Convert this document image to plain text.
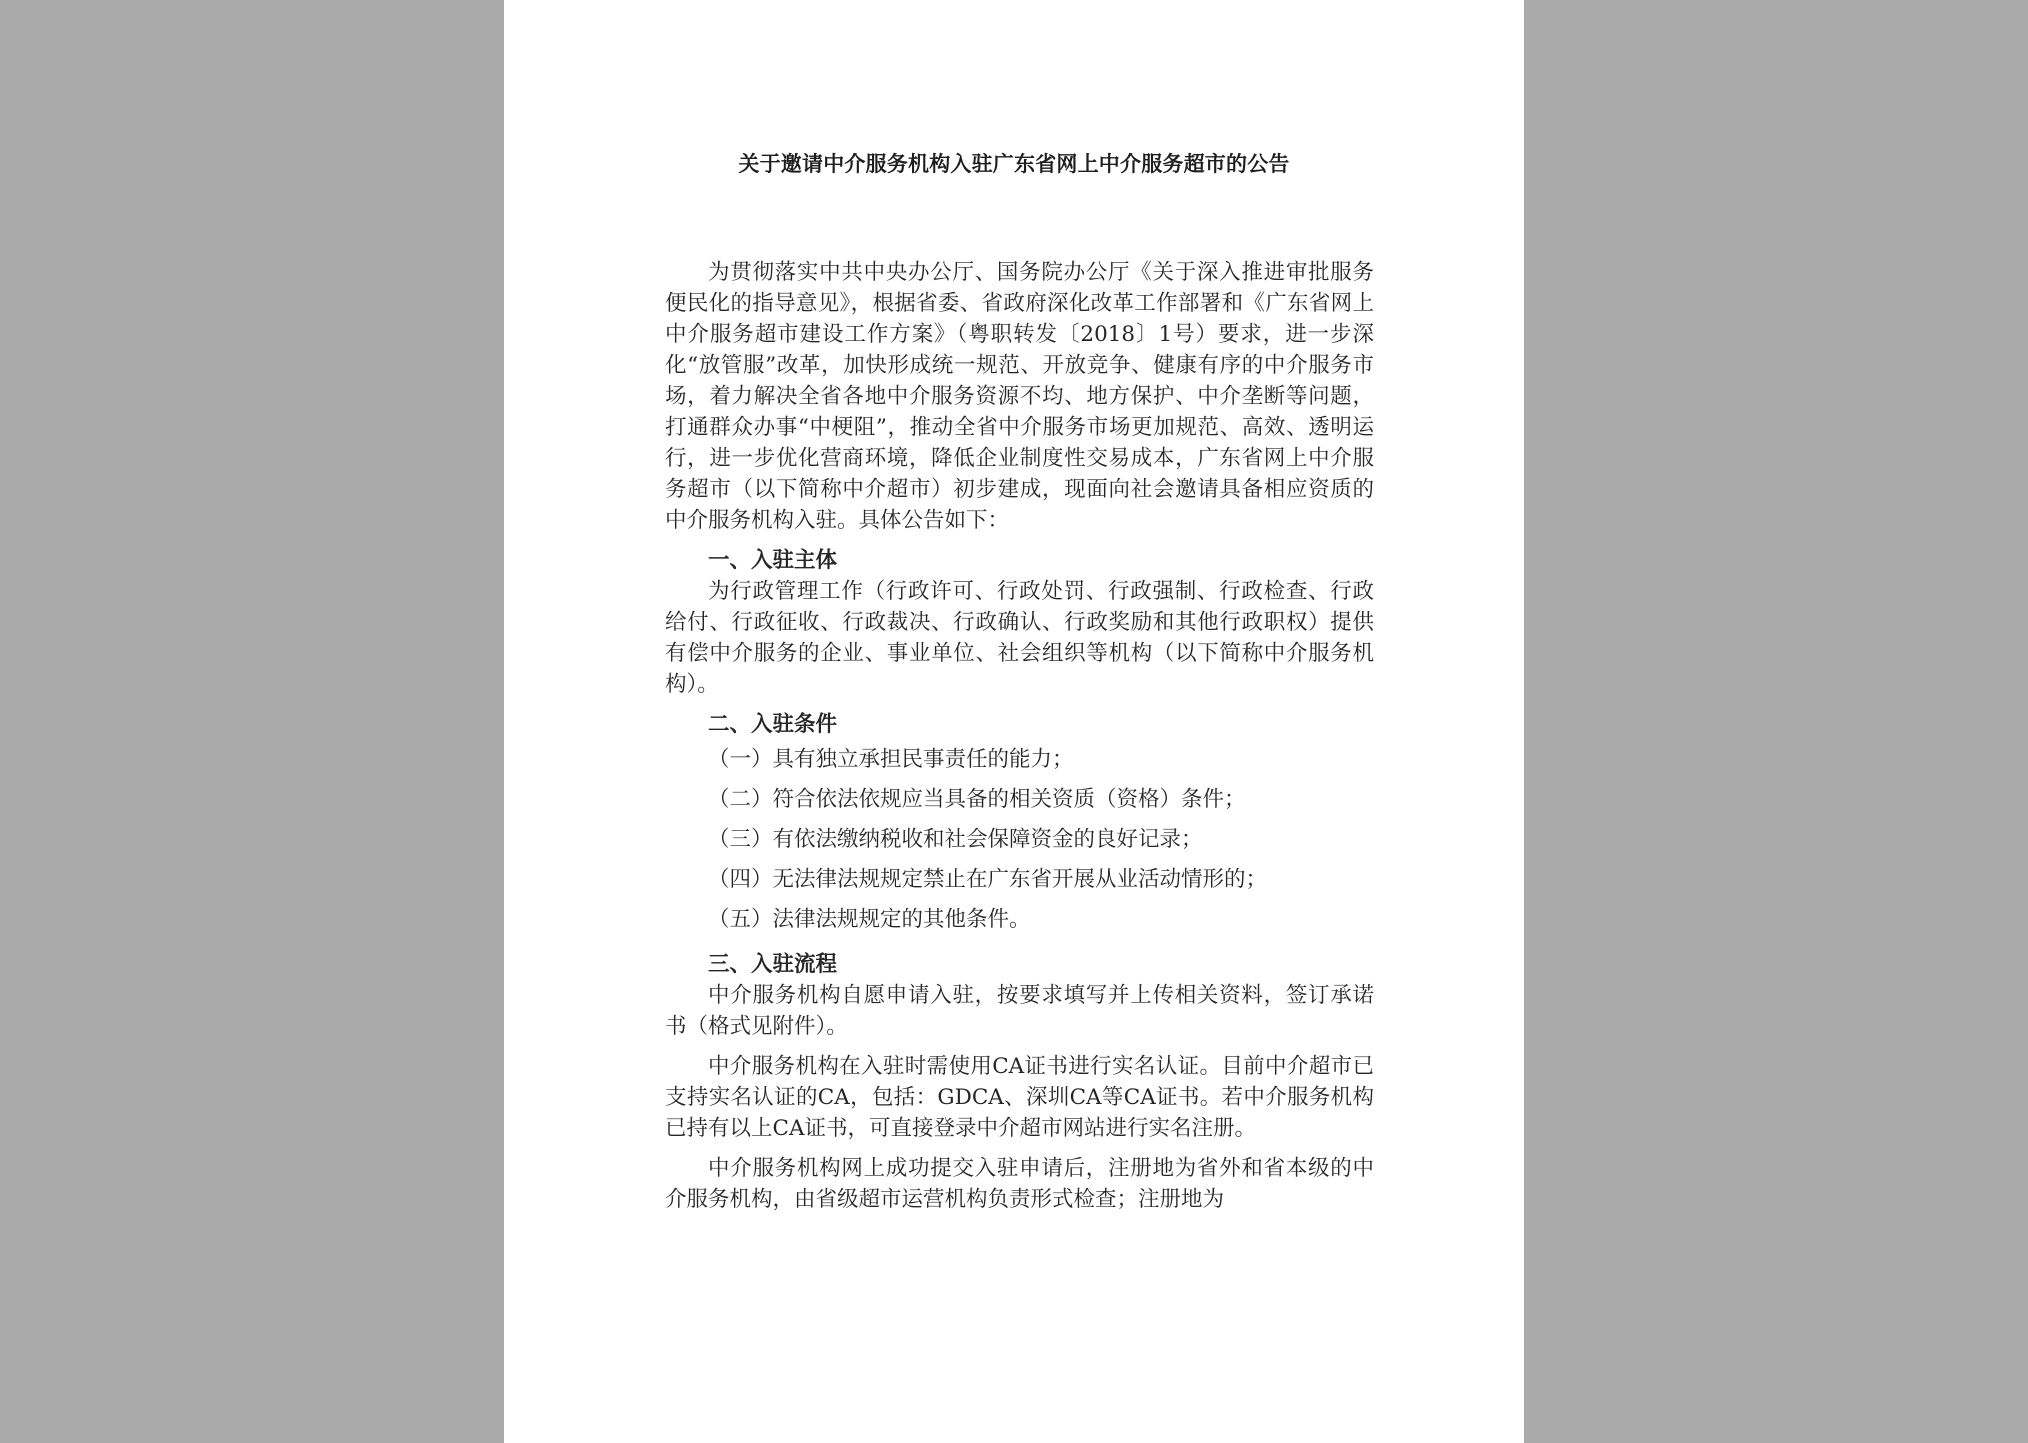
关于邀请中介服务机构入驻广东省网上中介服务超市的公告

为贯彻落实中共中央办公厅、国务院办公厅《关于深入推进审批服务便民化的指导意见》，根据省委、省政府深化改革工作部署和《广东省网上中介服务超市建设工作方案》（粤职转发〔2018〕1号）要求，进一步深化“放管服”改革，加快形成统一规范、开放竞争、健康有序的中介服务市场，着力解决全省各地中介服务资源不均、地方保护、中介垄断等问题，打通群众办事“中梗阻”，推动全省中介服务市场更加规范、高效、透明运行，进一步优化营商环境，降低企业制度性交易成本，广东省网上中介服务超市（以下简称中介超市）初步建成，现面向社会邀请具备相应资质的中介服务机构入驻。具体公告如下：

一、入驻主体

为行政管理工作（行政许可、行政处罚、行政强制、行政检查、行政给付、行政征收、行政裁决、行政确认、行政奖励和其他行政职权）提供有偿中介服务的企业、事业单位、社会组织等机构（以下简称中介服务机构）。

二、入驻条件

（一）具有独立承担民事责任的能力；

（二）符合依法依规应当具备的相关资质（资格）条件；

（三）有依法缴纳税收和社会保障资金的良好记录；

（四）无法律法规规定禁止在广东省开展从业活动情形的；

（五）法律法规规定的其他条件。

三、入驻流程

中介服务机构自愿申请入驻，按要求填写并上传相关资料，签订承诺书（格式见附件）。

中介服务机构在入驻时需使用CA证书进行实名认证。目前中介超市已支持实名认证的CA，包括：GDCA、深圳CA等CA证书。若中介服务机构已持有以上CA证书，可直接登录中介超市网站进行实名注册。

中介服务机构网上成功提交入驻申请后，注册地为省外和省本级的中介服务机构，由省级超市运营机构负责形式检查；注册地为
